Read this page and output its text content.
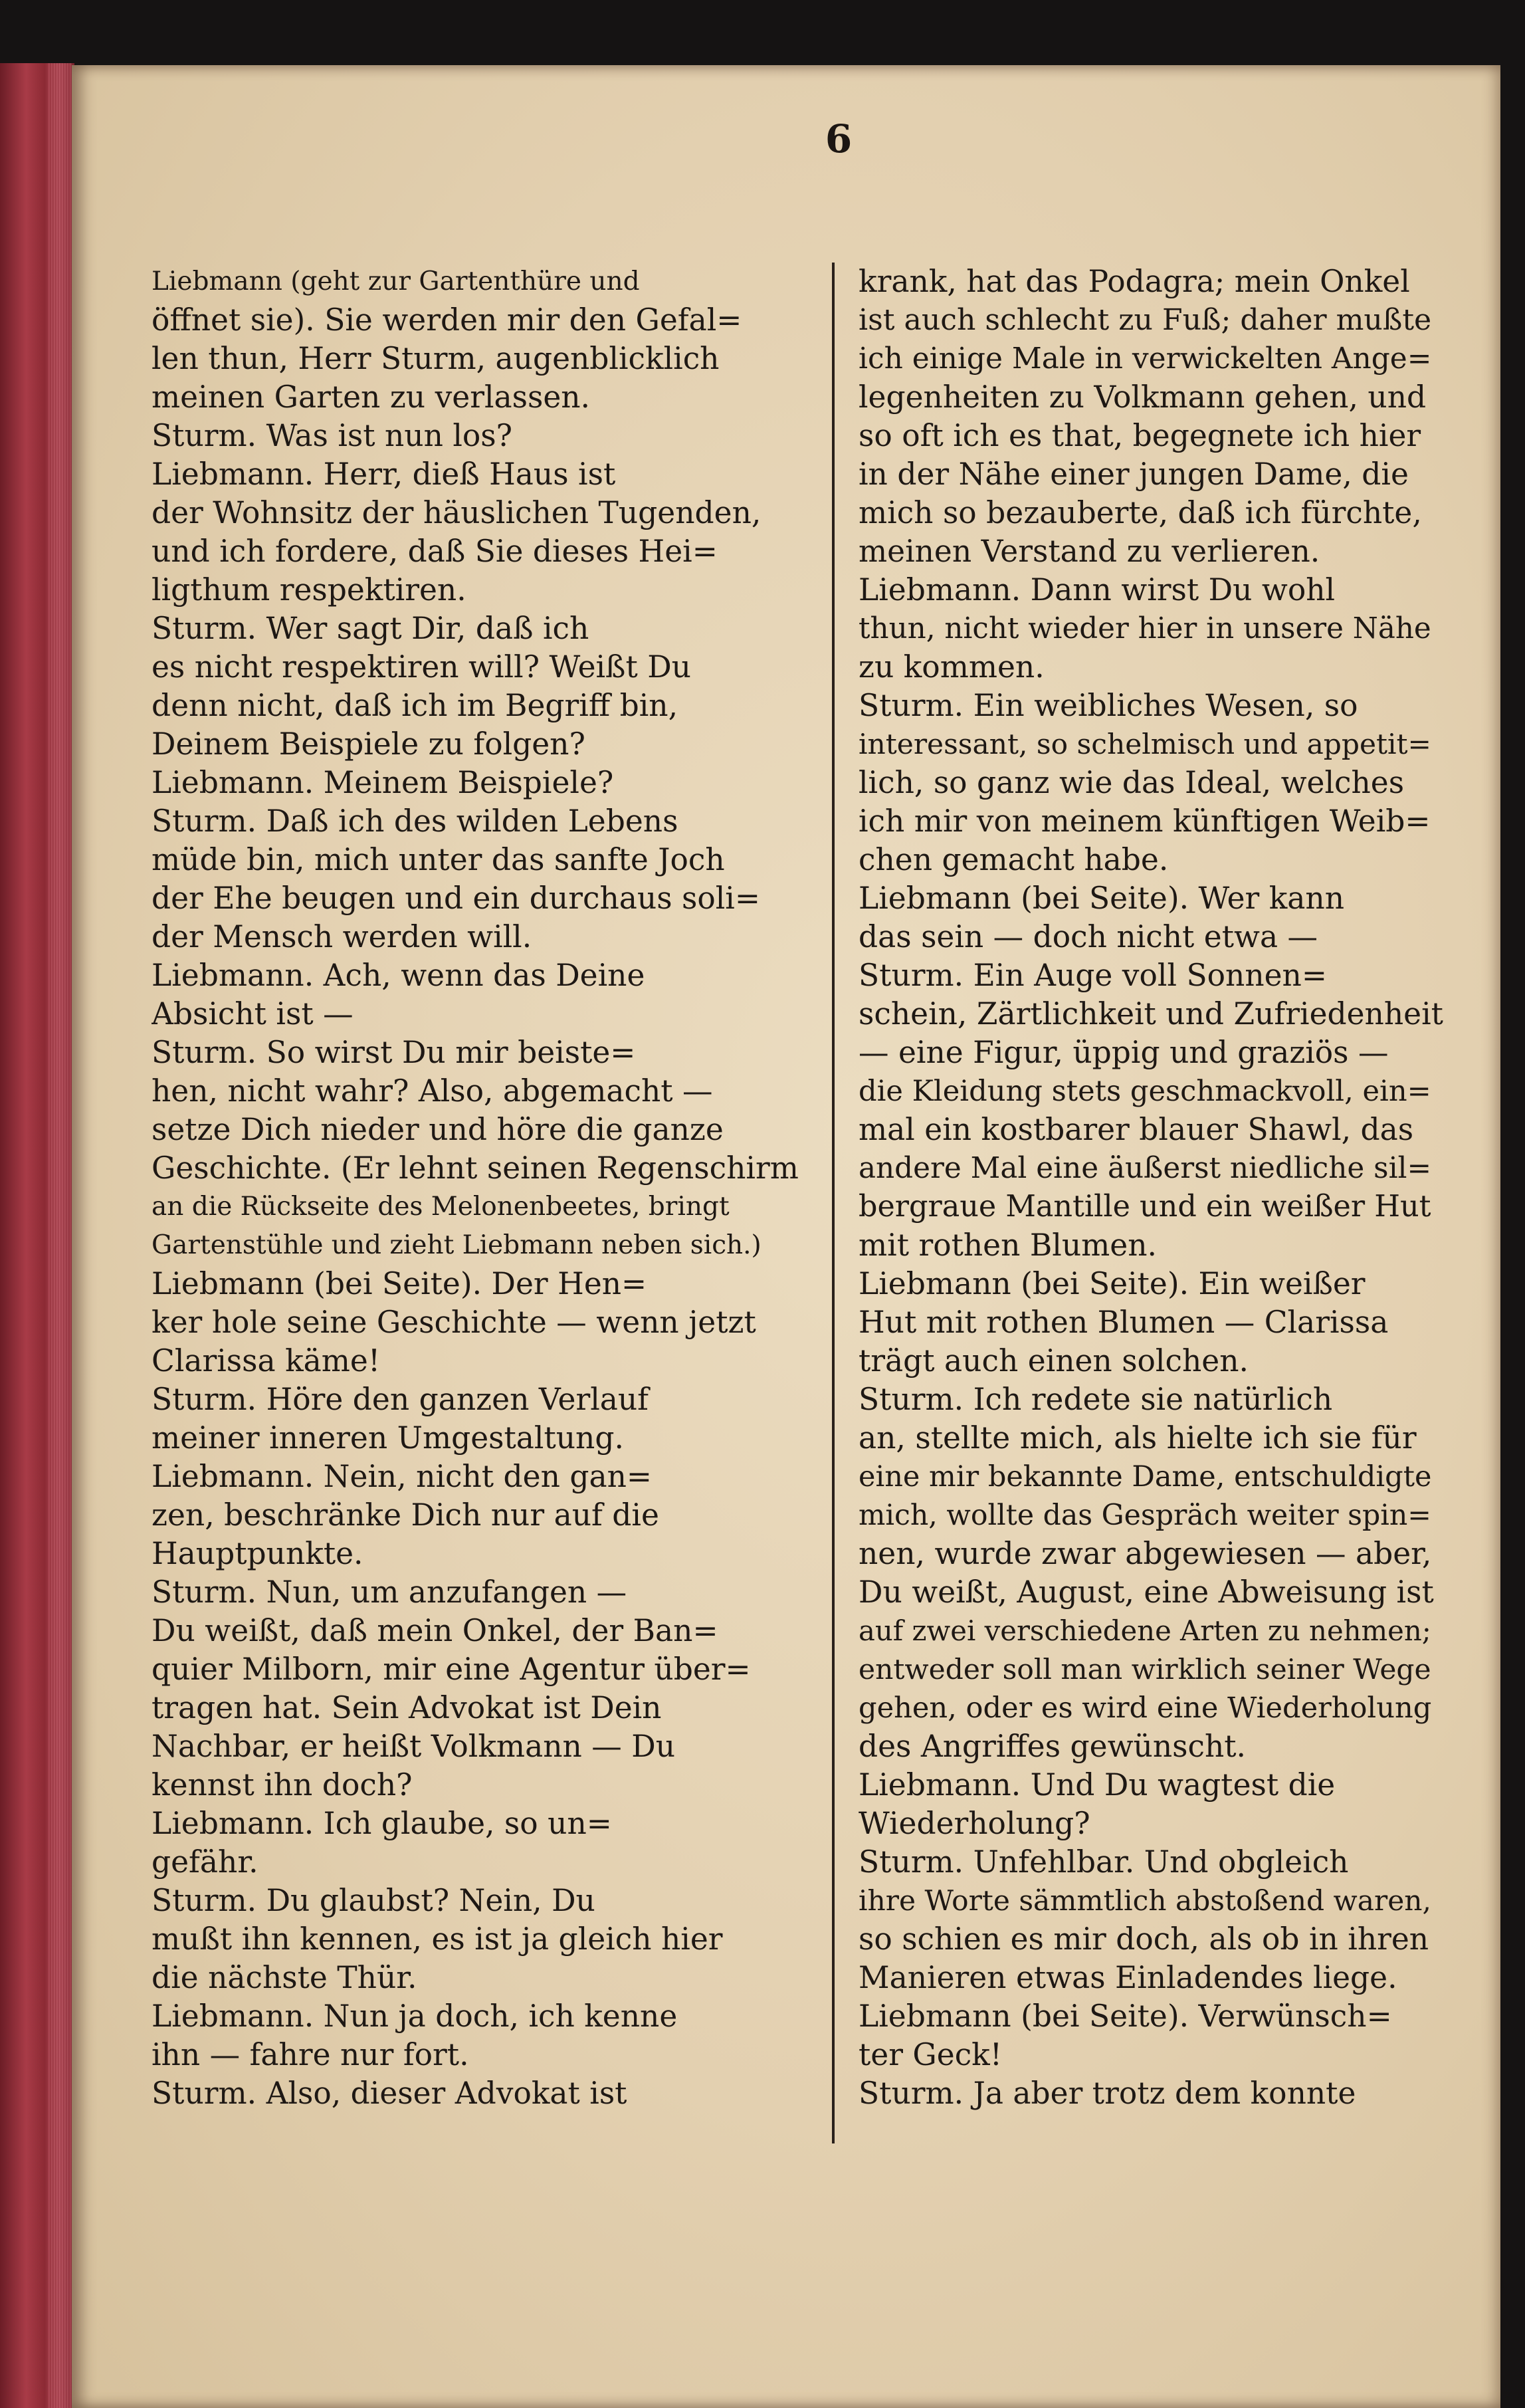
6
Liebmann (geht zur Gartenthüre und
öffnet sie). Sie werden mir den Gefal=
len thun, Herr Sturm, augenblicklich
meinen Garten zu verlassen.
Sturm. Was ist nun los?
Liebmann. Herr, dieß Haus ist
der Wohnsitz der häuslichen Tugenden,
und ich fordere, daß Sie dieses Hei=
ligthum respektiren.
Sturm. Wer sagt Dir, daß ich
es nicht respektiren will? Weißt Du
denn nicht, daß ich im Begriff bin,
Deinem Beispiele zu folgen?
Liebmann. Meinem Beispiele?
Sturm. Daß ich des wilden Lebens
müde bin, mich unter das sanfte Joch
der Ehe beugen und ein durchaus soli=
der Mensch werden will.
Liebmann. Ach, wenn das Deine
Absicht ist —
Sturm. So wirst Du mir beiste=
hen, nicht wahr? Also, abgemacht —
setze Dich nieder und höre die ganze
Geschichte. (Er lehnt seinen Regenschirm
an die Rückseite des Melonenbeetes, bringt
Gartenstühle und zieht Liebmann neben sich.)
Liebmann (bei Seite). Der Hen=
ker hole seine Geschichte — wenn jetzt
Clarissa käme!
Sturm. Höre den ganzen Verlauf
meiner inneren Umgestaltung.
Liebmann. Nein, nicht den gan=
zen, beschränke Dich nur auf die
Hauptpunkte.
Sturm. Nun, um anzufangen —
Du weißt, daß mein Onkel, der Ban=
quier Milborn, mir eine Agentur über=
tragen hat. Sein Advokat ist Dein
Nachbar, er heißt Volkmann — Du
kennst ihn doch?
Liebmann. Ich glaube, so un=
gefähr.
Sturm. Du glaubst? Nein, Du
mußt ihn kennen, es ist ja gleich hier
die nächste Thür.
Liebmann. Nun ja doch, ich kenne
ihn — fahre nur fort.
Sturm. Also, dieser Advokat ist
krank, hat das Podagra; mein Onkel
ist auch schlecht zu Fuß; daher mußte
ich einige Male in verwickelten Ange=
legenheiten zu Volkmann gehen, und
so oft ich es that, begegnete ich hier
in der Nähe einer jungen Dame, die
mich so bezauberte, daß ich fürchte,
meinen Verstand zu verlieren.
Liebmann. Dann wirst Du wohl
thun, nicht wieder hier in unsere Nähe
zu kommen.
Sturm. Ein weibliches Wesen, so
interessant, so schelmisch und appetit=
lich, so ganz wie das Ideal, welches
ich mir von meinem künftigen Weib=
chen gemacht habe.
Liebmann (bei Seite). Wer kann
das sein — doch nicht etwa —
Sturm. Ein Auge voll Sonnen=
schein, Zärtlichkeit und Zufriedenheit
— eine Figur, üppig und graziös —
die Kleidung stets geschmackvoll, ein=
mal ein kostbarer blauer Shawl, das
andere Mal eine äußerst niedliche sil=
bergraue Mantille und ein weißer Hut
mit rothen Blumen.
Liebmann (bei Seite). Ein weißer
Hut mit rothen Blumen — Clarissa
trägt auch einen solchen.
Sturm. Ich redete sie natürlich
an, stellte mich, als hielte ich sie für
eine mir bekannte Dame, entschuldigte
mich, wollte das Gespräch weiter spin=
nen, wurde zwar abgewiesen — aber,
Du weißt, August, eine Abweisung ist
auf zwei verschiedene Arten zu nehmen;
entweder soll man wirklich seiner Wege
gehen, oder es wird eine Wiederholung
des Angriffes gewünscht.
Liebmann. Und Du wagtest die
Wiederholung?
Sturm. Unfehlbar. Und obgleich
ihre Worte sämmtlich abstoßend waren,
so schien es mir doch, als ob in ihren
Manieren etwas Einladendes liege.
Liebmann (bei Seite). Verwünsch=
ter Geck!
Sturm. Ja aber trotz dem konnte
